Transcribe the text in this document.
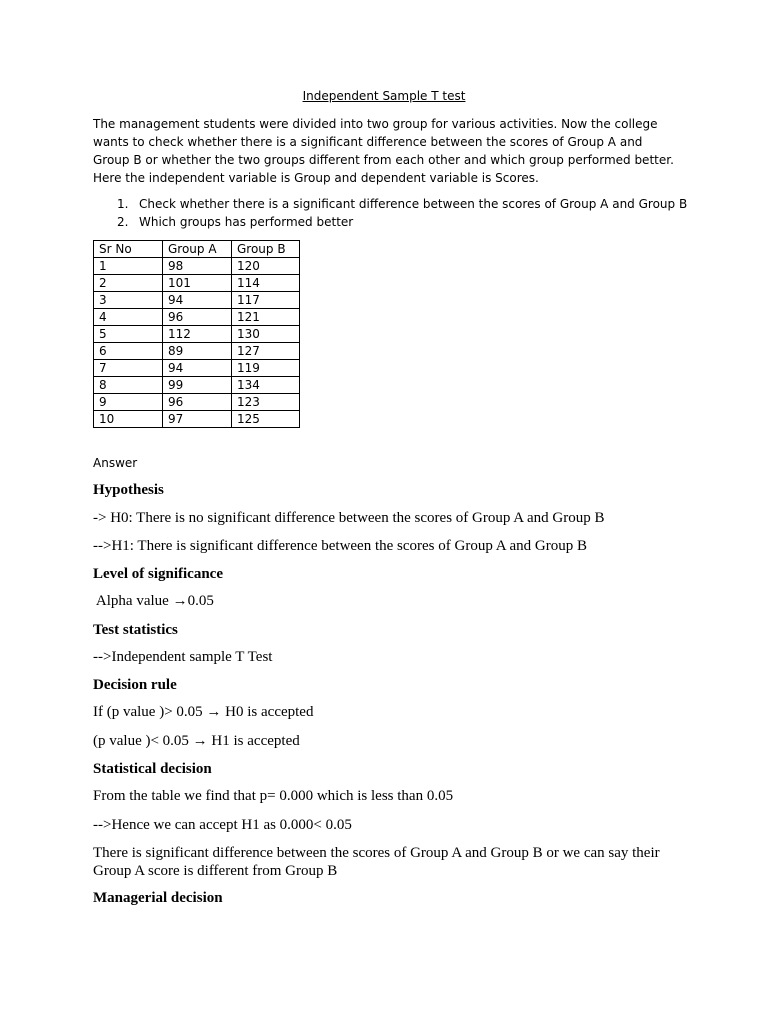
Independent Sample T test

The management students were divided into two group for various activities. Now the college wants to check whether there is a significant difference between the scores of Group A and Group B or whether the two groups different from each other and which group performed better. Here the independent variable is Group and dependent variable is Scores.

1. Check whether there is a significant difference between the scores of Group A and Group B
2. Which groups has performed better
Sr No	Group A	Group B
1	98	120
2	101	114
3	94	117
4	96	121
5	112	130
6	89	127
7	94	119
8	99	134
9	96	123
10	97	125
Answer
Hypothesis
-> H0: There is no significant difference between the scores of Group A and Group B
-->H1: There is significant difference between the scores of Group A and Group B
Level of significance
Alpha value →0.05
Test statistics
-->Independent sample T Test
Decision rule
If (p value )> 0.05 → H0 is accepted
(p value )< 0.05 → H1 is accepted
Statistical decision
From the table we find that p= 0.000 which is less than 0.05
-->Hence we can accept H1 as 0.000< 0.05
There is significant difference between the scores of Group A and Group B or we can say their Group A score is different from Group B
Managerial decision
